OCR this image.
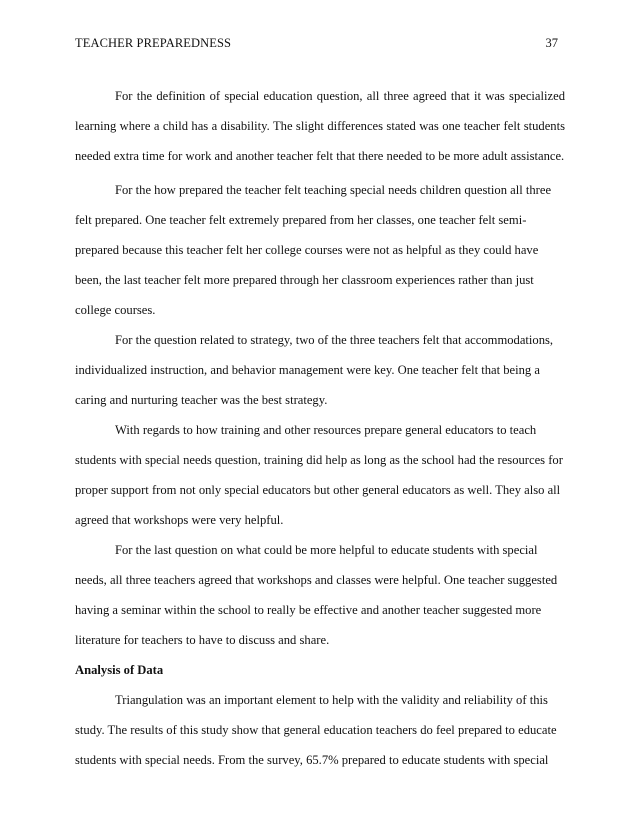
TEACHER PREPAREDNESS	37

For the definition of special education question, all three agreed that it was specialized learning where a child has a disability. The slight differences stated was one teacher felt students needed extra time for work and another teacher felt that there needed to be more adult assistance.

For the how prepared the teacher felt teaching special needs children question all three felt prepared. One teacher felt extremely prepared from her classes, one teacher felt semi-prepared because this teacher felt her college courses were not as helpful as they could have been, the last teacher felt more prepared through her classroom experiences rather than just college courses.

For the question related to strategy, two of the three teachers felt that accommodations, individualized instruction, and behavior management were key. One teacher felt that being a caring and nurturing teacher was the best strategy.

With regards to how training and other resources prepare general educators to teach students with special needs question, training did help as long as the school had the resources for proper support from not only special educators but other general educators as well. They also all agreed that workshops were very helpful.

For the last question on what could be more helpful to educate students with special needs, all three teachers agreed that workshops and classes were helpful. One teacher suggested having a seminar within the school to really be effective and another teacher suggested more literature for teachers to have to discuss and share.

Analysis of Data

Triangulation was an important element to help with the validity and reliability of this study. The results of this study show that general education teachers do feel prepared to educate students with special needs. From the survey, 65.7% prepared to educate students with special
